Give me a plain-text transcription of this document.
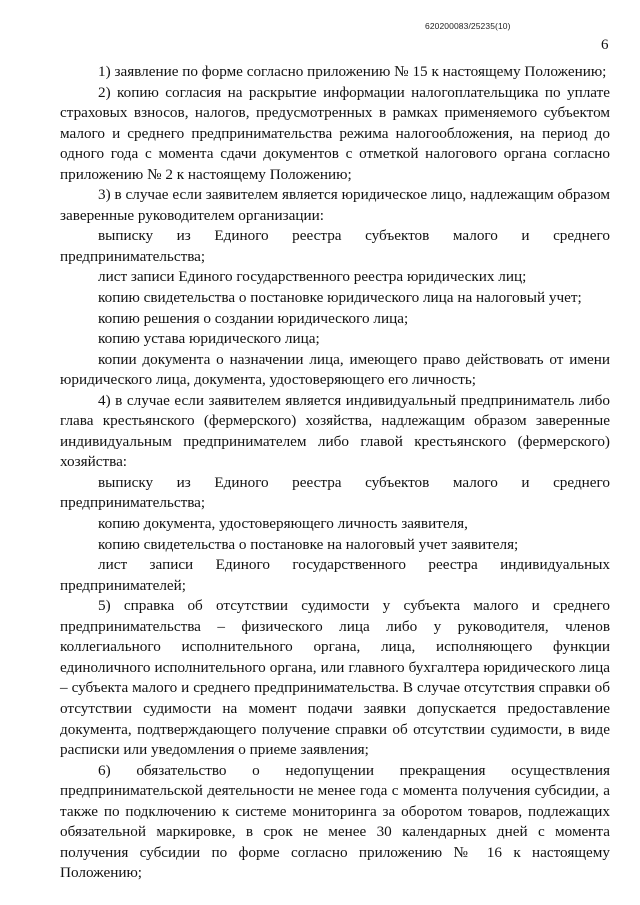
620200083/25235(10)
6

1) заявление по форме согласно приложению № 15 к настоящему Положению;

2) копию согласия на раскрытие информации налогоплательщика по уплате страховых взносов, налогов, предусмотренных в рамках применяемого субъектом малого и среднего предпринимательства режима налогообложения, на период до одного года с момента сдачи документов с отметкой налогового органа согласно приложению № 2 к настоящему Положению;

3) в случае если заявителем является юридическое лицо, надлежащим образом заверенные руководителем организации:

выписку из Единого реестра субъектов малого и среднего предпринимательства;

лист записи Единого государственного реестра юридических лиц;

копию свидетельства о постановке юридического лица на налоговый учет;

копию решения о создании юридического лица;

копию устава юридического лица;

копии документа о назначении лица, имеющего право действовать от имени юридического лица, документа, удостоверяющего его личность;

4) в случае если заявителем является индивидуальный предприниматель либо глава крестьянского (фермерского) хозяйства, надлежащим образом заверенные индивидуальным предпринимателем либо главой крестьянского (фермерского) хозяйства:

выписку из Единого реестра субъектов малого и среднего предпринимательства;

копию документа, удостоверяющего личность заявителя,

копию свидетельства о постановке на налоговый учет заявителя;

лист записи Единого государственного реестра индивидуальных предпринимателей;

5) справка об отсутствии судимости у субъекта малого и среднего предпринимательства – физического лица либо у руководителя, членов коллегиального исполнительного органа, лица, исполняющего функции единоличного исполнительного органа, или главного бухгалтера юридического лица – субъекта малого и среднего предпринимательства. В случае отсутствия справки об отсутствии судимости на момент подачи заявки допускается предоставление документа, подтверждающего получение справки об отсутствии судимости, в виде расписки или уведомления о приеме заявления;

6) обязательство о недопущении прекращения осуществления предпринимательской деятельности не менее года с момента получения субсидии, а также по подключению к системе мониторинга за оборотом товаров, подлежащих обязательной маркировке, в срок не менее 30 календарных дней с момента получения субсидии по форме согласно приложению № 16 к настоящему Положению;
